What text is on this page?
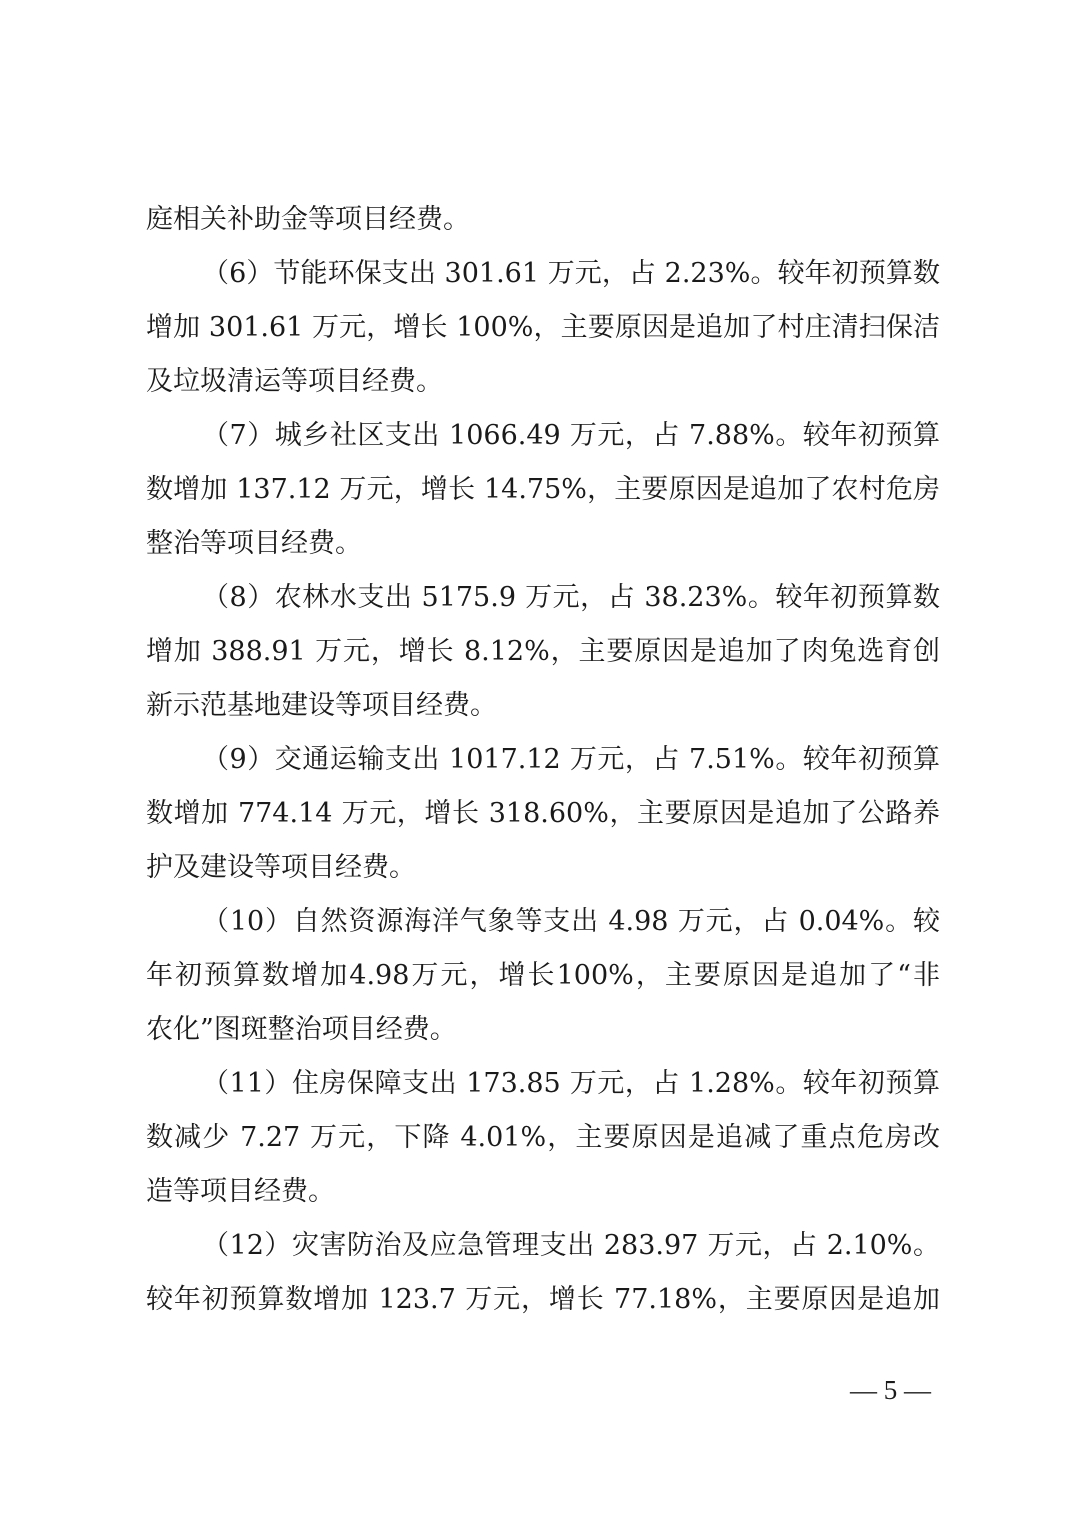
庭相关补助金等项目经费。
（6）节能环保支出 301.61 万元，占 2.23%。较年初预算数
增加 301.61 万元，增长 100%，主要原因是追加了村庄清扫保洁
及垃圾清运等项目经费。
（7）城乡社区支出 1066.49 万元，占 7.88%。较年初预算
数增加 137.12 万元，增长 14.75%，主要原因是追加了农村危房
整治等项目经费。
（8）农林水支出 5175.9 万元，占 38.23%。较年初预算数
增加 388.91 万元，增长 8.12%，主要原因是追加了肉兔选育创
新示范基地建设等项目经费。
（9）交通运输支出 1017.12 万元，占 7.51%。较年初预算
数增加 774.14 万元，增长 318.60%，主要原因是追加了公路养
护及建设等项目经费。
（10）自然资源海洋气象等支出 4.98 万元，占 0.04%。较
年初预算数增加4.98万元，增长100%，主要原因是追加了“非
农化”图斑整治项目经费。
（11）住房保障支出 173.85 万元，占 1.28%。较年初预算
数减少 7.27 万元，下降 4.01%，主要原因是追减了重点危房改
造等项目经费。
（12）灾害防治及应急管理支出 283.97 万元，占 2.10%。
较年初预算数增加 123.7 万元，增长 77.18%，主要原因是追加
— 5 —
